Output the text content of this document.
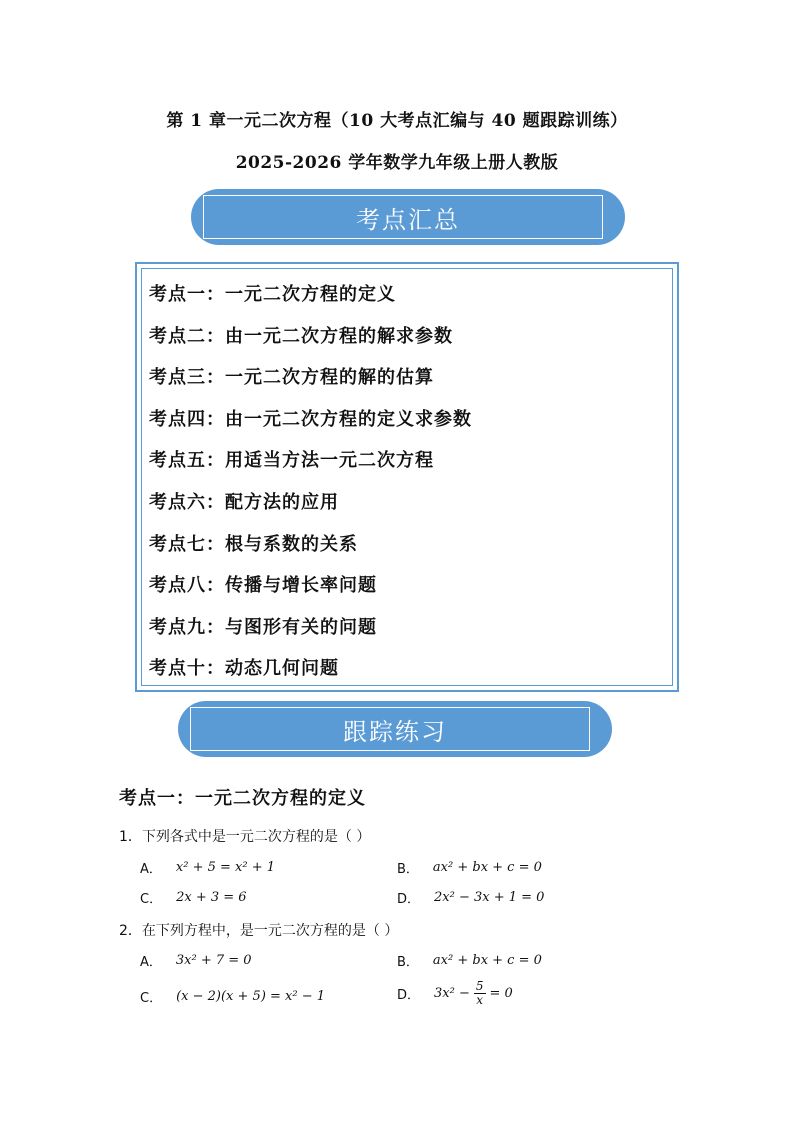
第 1 章一元二次方程（10 大考点汇编与 40 题跟踪训练）
2025-2026 学年数学九年级上册人教版
考点汇总
考点一：一元二次方程的定义
考点二：由一元二次方程的解求参数
考点三：一元二次方程的解的估算
考点四：由一元二次方程的定义求参数
考点五：用适当方法一元二次方程
考点六：配方法的应用
考点七：根与系数的关系
考点八：传播与增长率问题
考点九：与图形有关的问题
考点十：动态几何问题
跟踪练习
考点一：一元二次方程的定义
1．下列各式中是一元二次方程的是（ ）
A． x² + 5 = x² + 1	B． ax² + bx + c = 0
C． 2x + 3 = 6	D． 2x² − 3x + 1 = 0
2．在下列方程中，是一元二次方程的是（ ）
A． 3x² + 7 = 0	B． ax² + bx + c = 0
C． (x − 2)(x + 5) = x² − 1	D． $3x^2 - \frac{5}{x} = 0$
